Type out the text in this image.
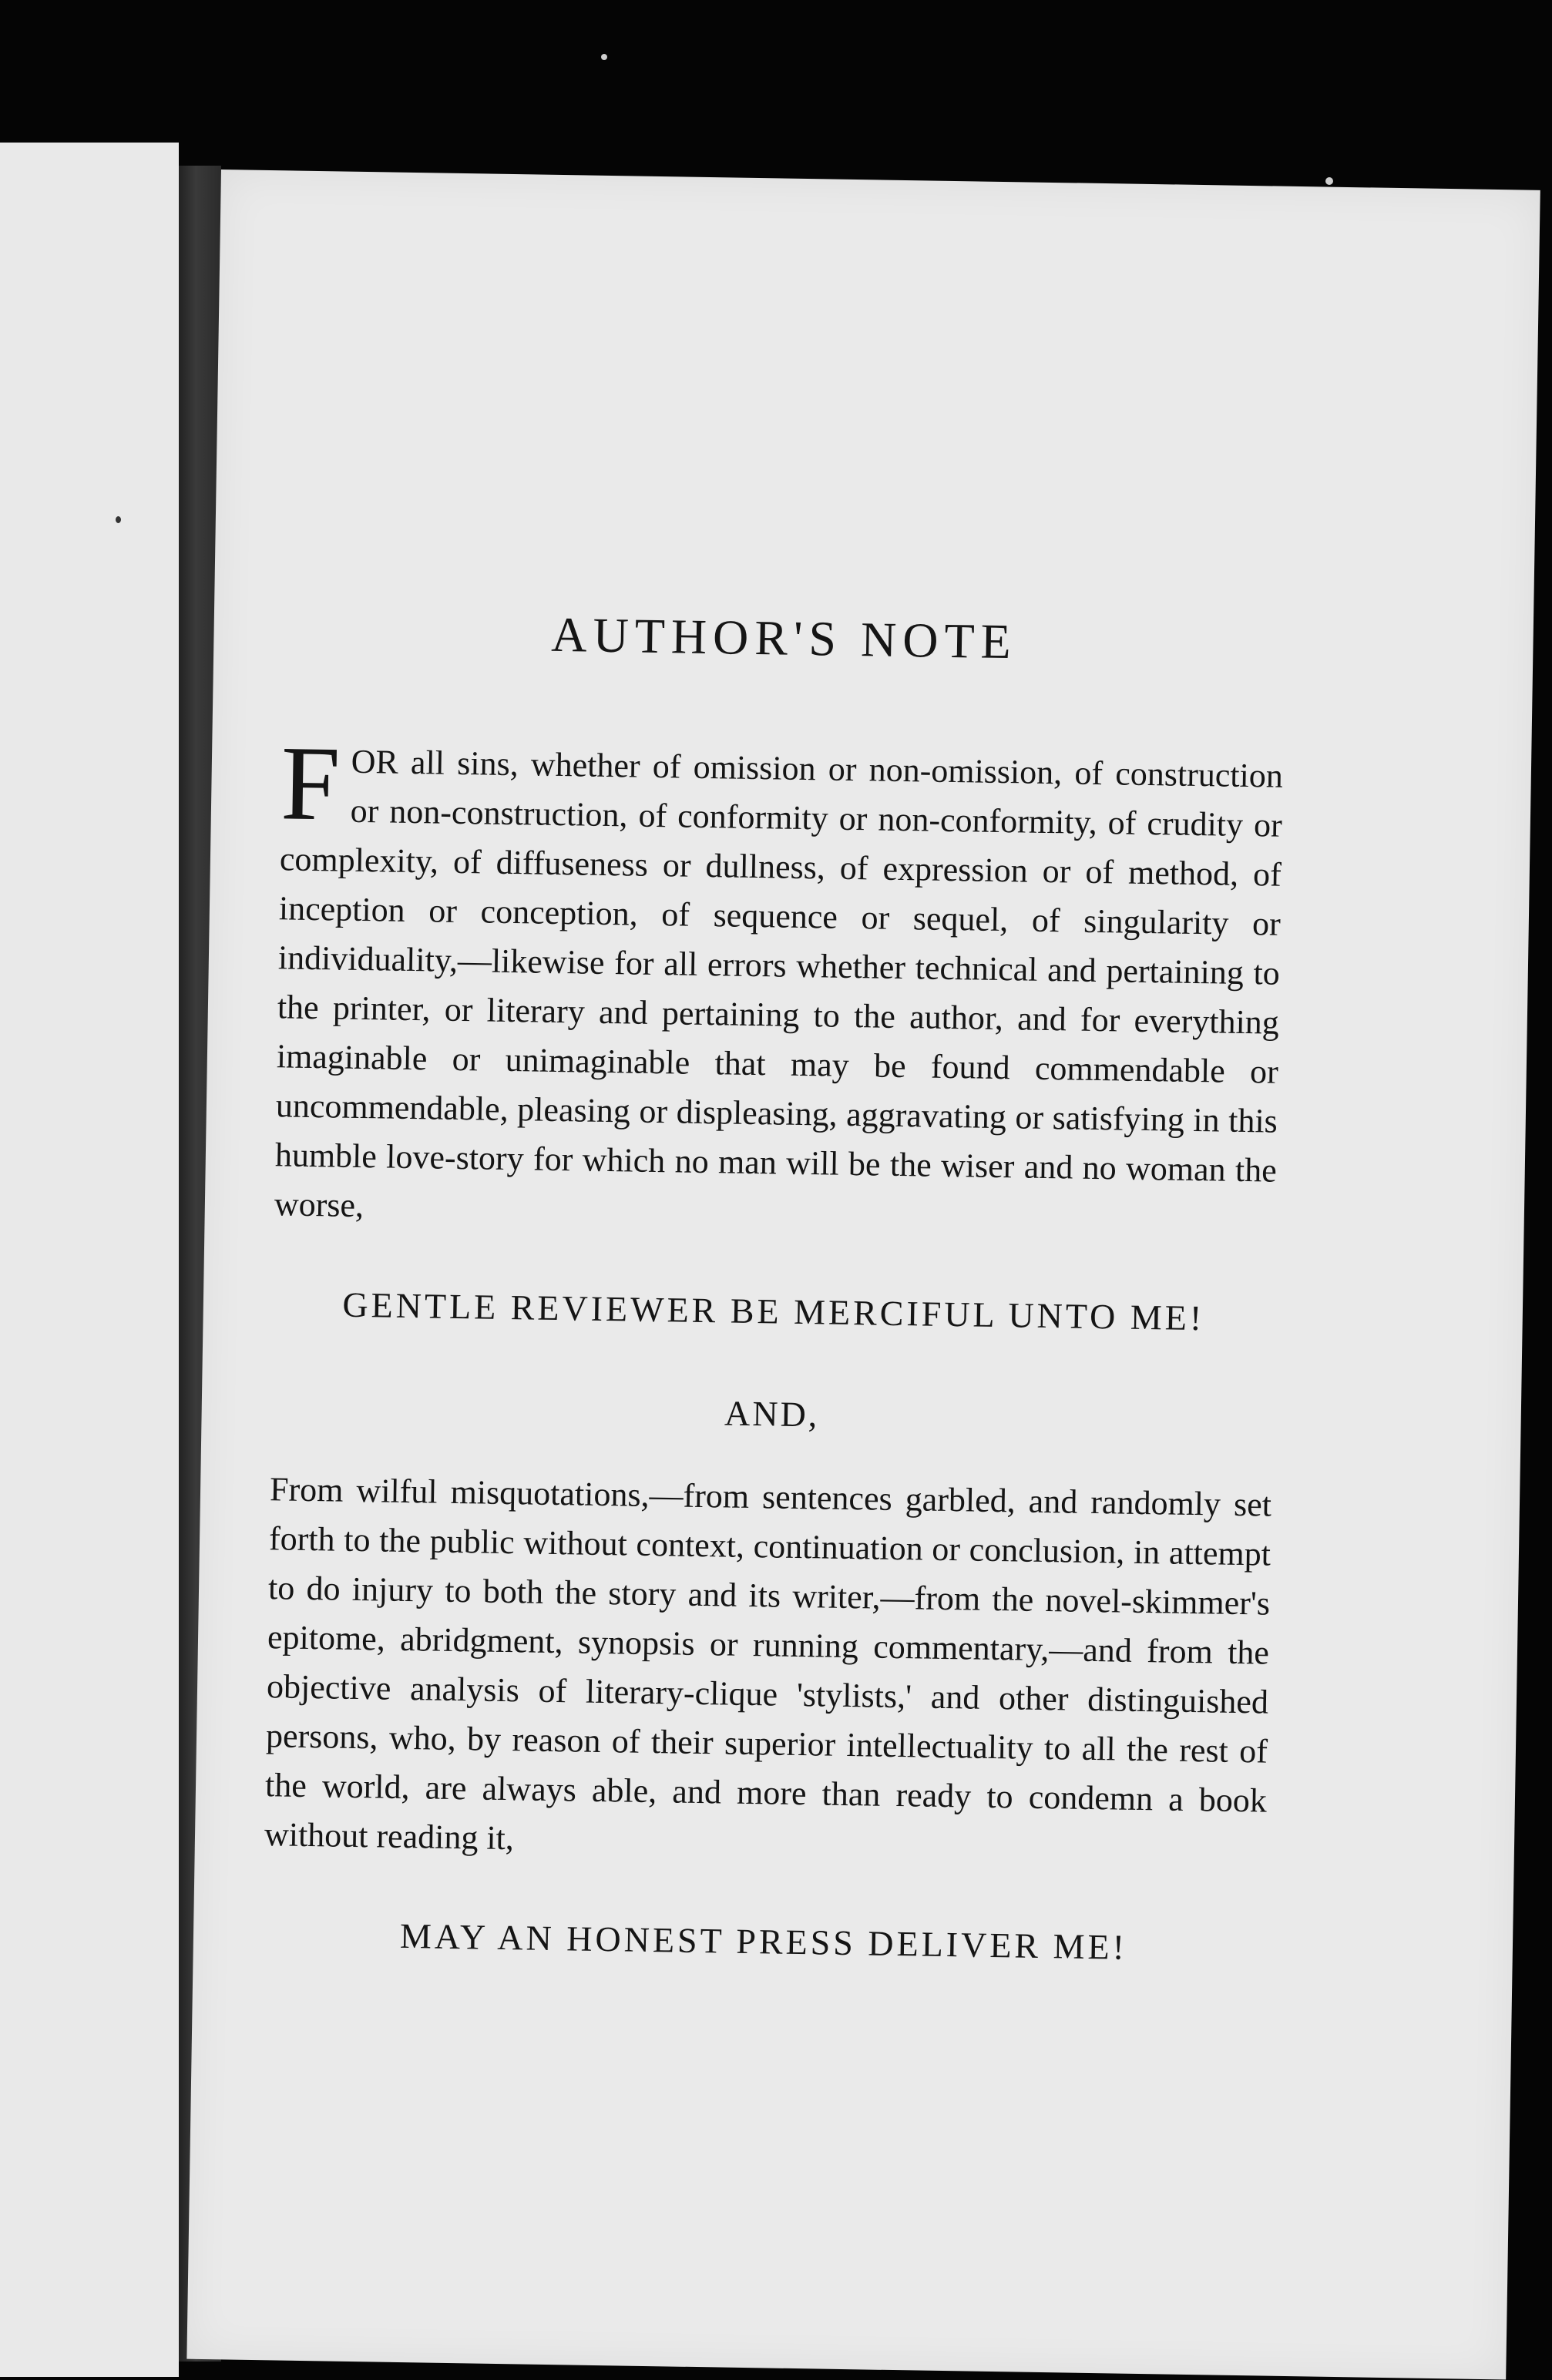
AUTHOR'S NOTE

FOR all sins, whether of omission or non-omission, of construction or non-construction, of conformity or non-conformity, of crudity or complexity, of diffuseness or dullness, of expression or of method, of inception or conception, of sequence or sequel, of singularity or individuality,—likewise for all errors whether technical and pertaining to the printer, or literary and pertaining to the author, and for everything imaginable or unimaginable that may be found commendable or uncommendable, pleasing or displeasing, aggravating or satisfying in this humble love-story for which no man will be the wiser and no woman the worse,

GENTLE REVIEWER BE MERCIFUL UNTO ME!
AND,

From wilful misquotations,—from sentences garbled, and randomly set forth to the public without context, continuation or conclusion, in attempt to do injury to both the story and its writer,—from the novel-skimmer's epitome, abridgment, synopsis or running commentary,—and from the objective analysis of literary-clique 'stylists,' and other distinguished persons, who, by reason of their superior intellectuality to all the rest of the world, are always able, and more than ready to condemn a book without reading it,

MAY AN HONEST PRESS DELIVER ME!
